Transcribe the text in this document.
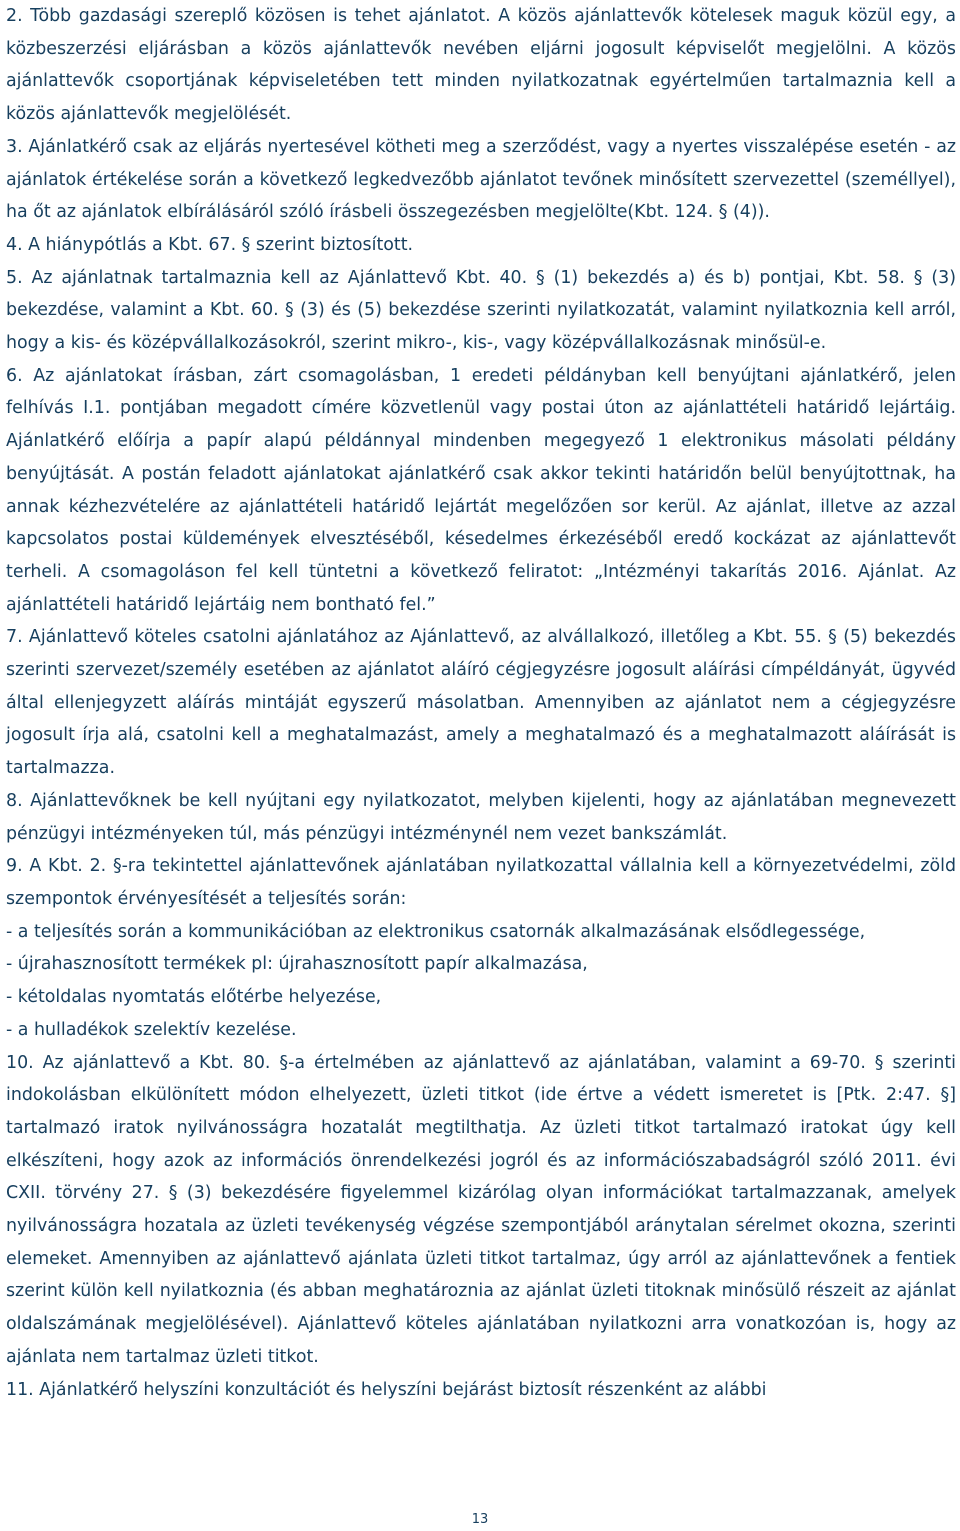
2. Több gazdasági szereplő közösen is tehet ajánlatot. A közös ajánlattevők kötelesek maguk közül egy, a közbeszerzési eljárásban a közös ajánlattevők nevében eljárni jogosult képviselőt megjelölni. A közös ajánlattevők csoportjának képviseletében tett minden nyilatkozatnak egyértelműen tartalmaznia kell a közös ajánlattevők megjelölését.

3. Ajánlatkérő csak az eljárás nyertesével kötheti meg a szerződést, vagy a nyertes visszalépése esetén - az ajánlatok értékelése során a következő legkedvezőbb ajánlatot tevőnek minősített szervezettel (személlyel), ha őt az ajánlatok elbírálásáról szóló írásbeli összegezésben megjelölte(Kbt. 124. § (4)).

4. A hiánypótlás a Kbt. 67. § szerint biztosított.

5. Az ajánlatnak tartalmaznia kell az Ajánlattevő Kbt. 40. § (1) bekezdés a) és b) pontjai, Kbt. 58. § (3) bekezdése, valamint a Kbt. 60. § (3) és (5) bekezdése szerinti nyilatkozatát, valamint nyilatkoznia kell arról, hogy a kis- és középvállalkozásokról, szerint mikro-, kis-, vagy középvállalkozásnak minősül-e.

6. Az ajánlatokat írásban, zárt csomagolásban, 1 eredeti példányban kell benyújtani ajánlatkérő, jelen felhívás I.1. pontjában megadott címére közvetlenül vagy postai úton az ajánlattételi határidő lejártáig. Ajánlatkérő előírja a papír alapú példánnyal mindenben megegyező 1 elektronikus másolati példány benyújtását. A postán feladott ajánlatokat ajánlatkérő csak akkor tekinti határidőn belül benyújtottnak, ha annak kézhezvételére az ajánlattételi határidő lejártát megelőzően sor kerül. Az ajánlat, illetve az azzal kapcsolatos postai küldemények elvesztéséből, késedelmes érkezéséből eredő kockázat az ajánlattevőt terheli. A csomagoláson fel kell tüntetni a következő feliratot: „Intézményi takarítás 2016. Ajánlat. Az ajánlattételi határidő lejártáig nem bontható fel.”

7. Ajánlattevő köteles csatolni ajánlatához az Ajánlattevő, az alvállalkozó, illetőleg a Kbt. 55. § (5) bekezdés szerinti szervezet/személy esetében az ajánlatot aláíró cégjegyzésre jogosult aláírási címpéldányát, ügyvéd által ellenjegyzett aláírás mintáját egyszerű másolatban. Amennyiben az ajánlatot nem a cégjegyzésre jogosult írja alá, csatolni kell a meghatalmazást, amely a meghatalmazó és a meghatalmazott aláírását is tartalmazza.

8. Ajánlattevőknek be kell nyújtani egy nyilatkozatot, melyben kijelenti, hogy az ajánlatában megnevezett pénzügyi intézményeken túl, más pénzügyi intézménynél nem vezet bankszámlát.

9. A Kbt. 2. §-ra tekintettel ajánlattevőnek ajánlatában nyilatkozattal vállalnia kell a környezetvédelmi, zöld szempontok érvényesítését a teljesítés során:

- a teljesítés során a kommunikációban az elektronikus csatornák alkalmazásának elsődlegessége,

- újrahasznosított termékek pl: újrahasznosított papír alkalmazása,

- kétoldalas nyomtatás előtérbe helyezése,

- a hulladékok szelektív kezelése.

10. Az ajánlattevő a Kbt. 80. §-a értelmében az ajánlattevő az ajánlatában, valamint a 69-70. § szerinti indokolásban elkülönített módon elhelyezett, üzleti titkot (ide értve a védett ismeretet is [Ptk. 2:47. §] tartalmazó iratok nyilvánosságra hozatalát megtilthatja. Az üzleti titkot tartalmazó iratokat úgy kell elkészíteni, hogy azok az információs önrendelkezési jogról és az információszabadságról szóló 2011. évi CXII. törvény 27. § (3) bekezdésére figyelemmel kizárólag olyan információkat tartalmazzanak, amelyek nyilvánosságra hozatala az üzleti tevékenység végzése szempontjából aránytalan sérelmet okozna, szerinti elemeket. Amennyiben az ajánlattevő ajánlata üzleti titkot tartalmaz, úgy arról az ajánlattevőnek a fentiek szerint külön kell nyilatkoznia (és abban meghatároznia az ajánlat üzleti titoknak minősülő részeit az ajánlat oldalszámának megjelölésével). Ajánlattevő köteles ajánlatában nyilatkozni arra vonatkozóan is, hogy az ajánlata nem tartalmaz üzleti titkot.

11. Ajánlatkérő helyszíni konzultációt és helyszíni bejárást biztosít részenként az alábbi

13
